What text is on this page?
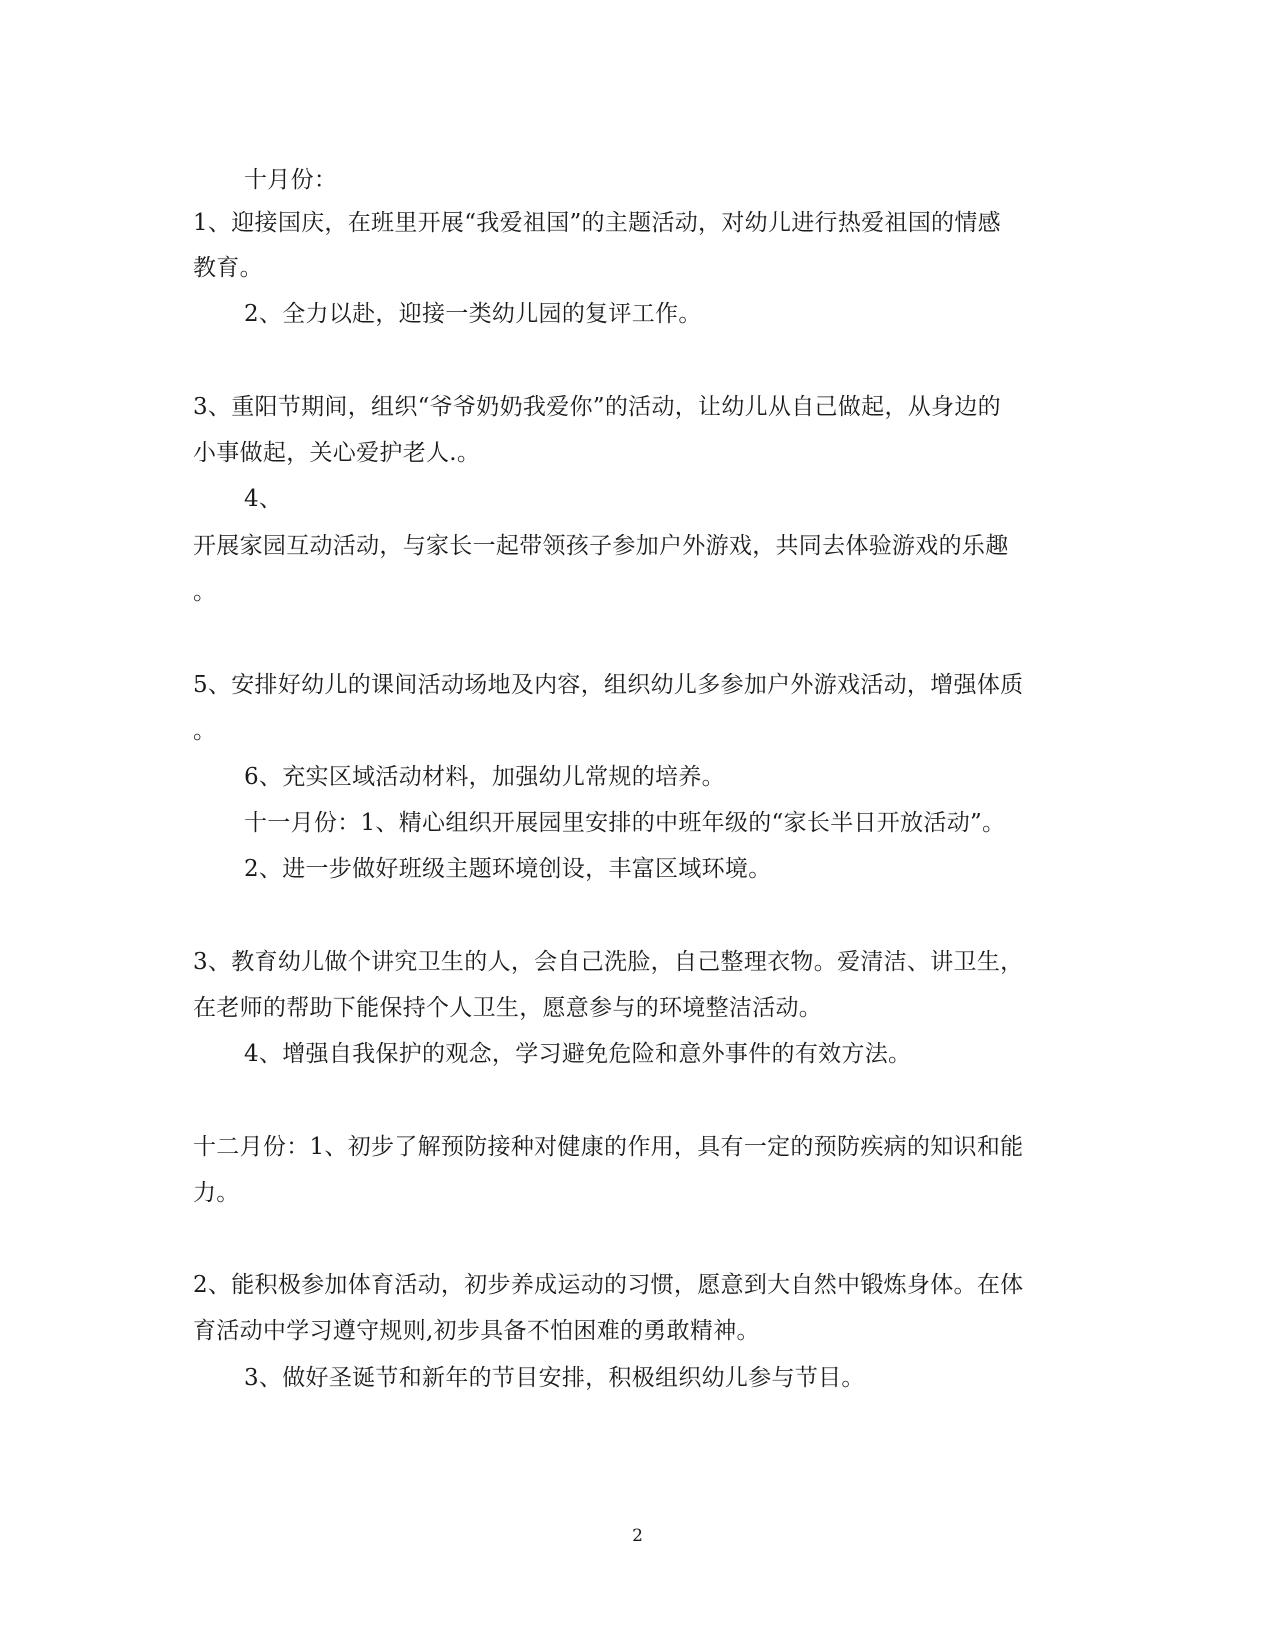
十月份：
1、迎接国庆，在班里开展“我爱祖国”的主题活动，对幼儿进行热爱祖国的情感
教育。
2、全力以赴，迎接一类幼儿园的复评工作。
3、重阳节期间，组织“爷爷奶奶我爱你”的活动，让幼儿从自己做起，从身边的
小事做起，关心爱护老人.。
4、
开展家园互动活动，与家长一起带领孩子参加户外游戏，共同去体验游戏的乐趣
。
5、安排好幼儿的课间活动场地及内容，组织幼儿多参加户外游戏活动，增强体质
。
6、充实区域活动材料，加强幼儿常规的培养。
十一月份：1、精心组织开展园里安排的中班年级的“家长半日开放活动”。
2、进一步做好班级主题环境创设，丰富区域环境。
3、教育幼儿做个讲究卫生的人，会自己洗脸，自己整理衣物。爱清洁、讲卫生，
在老师的帮助下能保持个人卫生，愿意参与的环境整洁活动。
4、增强自我保护的观念，学习避免危险和意外事件的有效方法。
十二月份：1、初步了解预防接种对健康的作用，具有一定的预防疾病的知识和能
力。
2、能积极参加体育活动，初步养成运动的习惯，愿意到大自然中锻炼身体。在体
育活动中学习遵守规则,初步具备不怕困难的勇敢精神。
3、做好圣诞节和新年的节目安排，积极组织幼儿参与节目。
2
